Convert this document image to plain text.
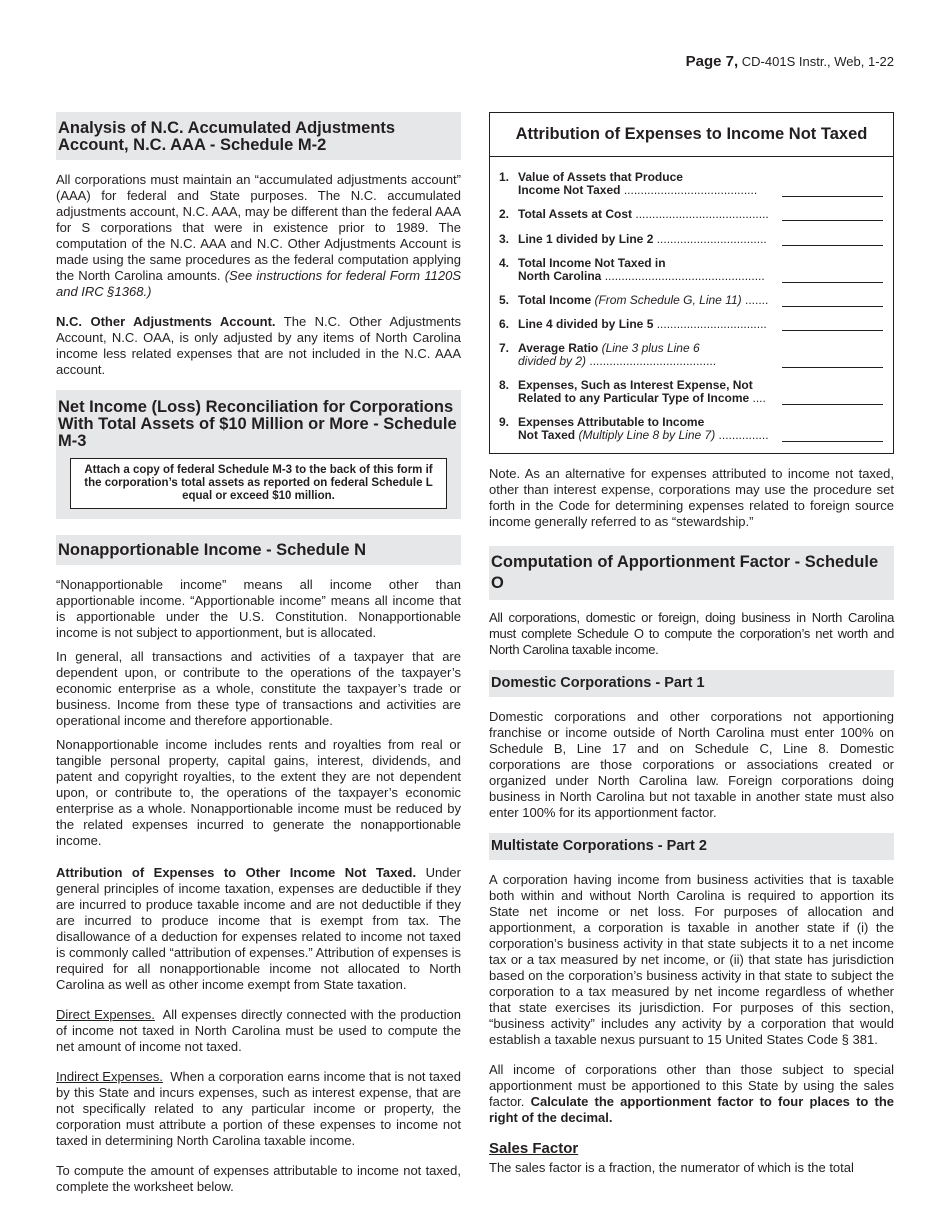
Page 7, CD-401S Instr., Web, 1-22
Analysis of N.C. Accumulated Adjustments Account, N.C. AAA - Schedule M-2

All corporations must maintain an “accumulated adjustments account” (AAA) for federal and State purposes. The N.C. accumulated adjustments account, N.C. AAA, may be different than the federal AAA for S corporations that were in existence prior to 1989. The computation of the N.C. AAA and N.C. Other Adjustments Account is made using the same procedures as the federal computation applying the North Carolina amounts. (See instructions for federal Form 1120S and IRC §1368.)

N.C. Other Adjustments Account. The N.C. Other Adjustments Account, N.C. OAA, is only adjusted by any items of North Carolina income less related expenses that are not included in the N.C. AAA account.

Net Income (Loss) Reconciliation for Corporations With Total Assets of $10 Million or More - Schedule M-3
Attach a copy of federal Schedule M-3 to the back of this form if the corporation’s total assets as reported on federal Schedule L equal or exceed $10 million.
Nonapportionable Income - Schedule N

“Nonapportionable income” means all income other than apportionable income. “Apportionable income” means all income that is apportionable under the U.S. Constitution. Nonapportionable income is not subject to apportionment, but is allocated.

In general, all transactions and activities of a taxpayer that are dependent upon, or contribute to the operations of the taxpayer’s economic enterprise as a whole, constitute the taxpayer’s trade or business. Income from these type of transactions and activities are operational income and therefore apportionable.

Nonapportionable income includes rents and royalties from real or tangible personal property, capital gains, interest, dividends, and patent and copyright royalties, to the extent they are not dependent upon, or contribute to, the operations of the taxpayer’s economic enterprise as a whole. Nonapportionable income must be reduced by the related expenses incurred to generate the nonapportionable income.

Attribution of Expenses to Other Income Not Taxed. Under general principles of income taxation, expenses are deductible if they are incurred to produce taxable income and are not deductible if they are incurred to produce income that is exempt from tax. The disallowance of a deduction for expenses related to income not taxed is commonly called “attribution of expenses.” Attribution of expenses is required for all nonapportionable income not allocated to North Carolina as well as other income exempt from State taxation.

Direct Expenses. All expenses directly connected with the production of income not taxed in North Carolina must be used to compute the net amount of income not taxed.

Indirect Expenses. When a corporation earns income that is not taxed by this State and incurs expenses, such as interest expense, that are not specifically related to any particular income or property, the corporation must attribute a portion of these expenses to income not taxed in determining North Carolina taxable income.

To compute the amount of expenses attributable to income not taxed, complete the worksheet below.

Attribution of Expenses to Income Not Taxed
1. Value of Assets that Produce
Income Not Taxed ........................................
2. Total Assets at Cost ........................................
3. Line 1 divided by Line 2 .................................
4. Total Income Not Taxed in
North Carolina ................................................
5. Total Income (From Schedule G, Line 11) .......
6. Line 4 divided by Line 5 .................................
7. Average Ratio (Line 3 plus Line 6
divided by 2) ......................................
8. Expenses, Such as Interest Expense, Not
Related to any Particular Type of Income ....
9. Expenses Attributable to Income
Not Taxed (Multiply Line 8 by Line 7) ...............

Note. As an alternative for expenses attributed to income not taxed, other than interest expense, corporations may use the procedure set forth in the Code for determining expenses related to foreign source income generally referred to as “stewardship.”

Computation of Apportionment Factor - Schedule O

All corporations, domestic or foreign, doing business in North Carolina must complete Schedule O to compute the corporation’s net worth and North Carolina taxable income.

Domestic Corporations - Part 1

Domestic corporations and other corporations not apportioning franchise or income outside of North Carolina must enter 100% on Schedule B, Line 17 and on Schedule C, Line 8. Domestic corporations are those corporations or associations created or organized under North Carolina law. Foreign corporations doing business in North Carolina but not taxable in another state must also enter 100% for its apportionment factor.

Multistate Corporations - Part 2

A corporation having income from business activities that is taxable both within and without North Carolina is required to apportion its State net income or net loss. For purposes of allocation and apportionment, a corporation is taxable in another state if (i) the corporation’s business activity in that state subjects it to a net income tax or a tax measured by net income, or (ii) that state has jurisdiction based on the corporation’s business activity in that state to subject the corporation to a tax measured by net income regardless of whether that state exercises its jurisdiction. For purposes of this section, “business activity” includes any activity by a corporation that would establish a taxable nexus pursuant to 15 United States Code § 381.

All income of corporations other than those subject to special apportionment must be apportioned to this State by using the sales factor. Calculate the apportionment factor to four places to the right of the decimal.

Sales Factor

The sales factor is a fraction, the numerator of which is the total
